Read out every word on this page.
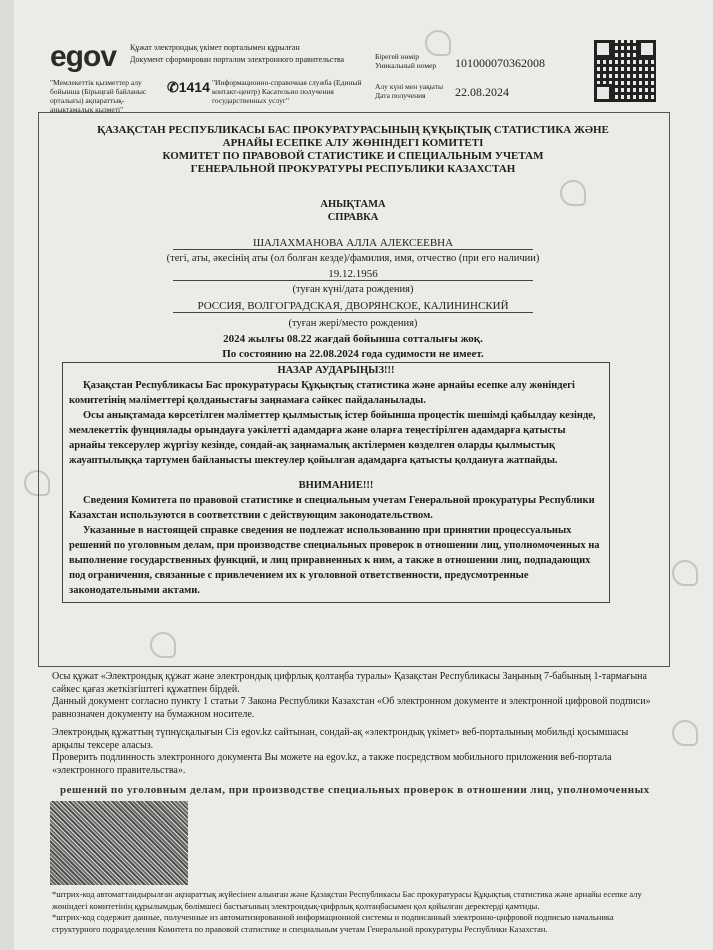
egov Құжат электрондық үкімет порталымен құрылған
Документ сформирован порталом электронного правительства
"Мемлекеттік қызметтер алу бойынша (Бірыңғай байланыс орталығы) ақпараттық-анықтамалық қызметі"
✆1414 "Информационно-справочная служба (Единый контакт-центр) Касательно получения государственных услуг"
Бірегей нөмір
Уникальный номер 101000070362008
Алу күні мен уақыты
Дата получения	22.08.2024
ҚАЗАҚСТАН РЕСПУБЛИКАСЫ БАС ПРОКУРАТУРАСЫНЫҢ ҚҰҚЫҚТЫҚ СТАТИСТИКА ЖӘНЕ
АРНАЙЫ ЕСЕПКЕ АЛУ ЖӨНІНДЕГІ КОМИТЕТІ
КОМИТЕТ ПО ПРАВОВОЙ СТАТИСТИКЕ И СПЕЦИАЛЬНЫМ УЧЕТАМ
ГЕНЕРАЛЬНОЙ ПРОКУРАТУРЫ РЕСПУБЛИКИ КАЗАХСТАН
АНЫҚТАМА
СПРАВКА
ШАЛАХМАНОВА АЛЛА АЛЕКСЕЕВНА
(тегі, аты, әкесінің аты (ол болған кезде)/фамилия, имя, отчество (при его наличии)
19.12.1956
(туған күні/дата рождения)
РОССИЯ, ВОЛГОГРАДСКАЯ, ДВОРЯНСКОЕ, КАЛИНИНСКИЙ
(туған жері/место рождения)
2024 жылғы 08.22 жағдай бойынша сотталығы жоқ.
По состоянию на 22.08.2024 года судимости не имеет.
НАЗАР АУДАРЫҢЫЗ!!!

Қазақстан Республикасы Бас прокуратурасы Құқықтық статистика және арнайы есепке алу жөніндегі комитетінің мәліметтері қолданыстағы заңнамаға сәйкес пайдаланылады.

Осы анықтамада көрсетілген мәліметтер қылмыстық істер бойынша процестік шешімді қабылдау кезінде, мемлекеттік фунциялады орындауға уәкілетті адамдарға және оларға теңестірілген адамдарға қатысты арнайы тексерулер жүргізу кезінде, сондай-ақ заңнамалық актілермен көзделген оларды қылмыстық жауаптылыққа тартумен байланысты шектеулер қойылған адамдарға қатысты қолдануға жатпайды.

ВНИМАНИЕ!!!

Сведения Комитета по правовой статистике и специальным учетам Генеральной прокуратуры Республики Казахстан используются в соответствии с действующим законодательством.

Указанные в настоящей справке сведения не подлежат использованию при принятии процессуальных решений по уголовным делам, при производстве специальных проверок в отношении лиц, уполномоченных на выполнение государственных функций, и лиц приравненных к ним, а также в отношении лиц, подпадающих под ограничения, связанные с привлечением их к уголовной ответственности, предусмотренные законодательными актами.

Осы құжат «Электрондық құжат және электрондық цифрлық қолтаңба туралы» Қазақстан Республикасы Заңының 7-бабының 1-тармағына сәйкес қағаз жеткізгіштегі құжатпен бірдей.

Данный документ согласно пункту 1 статьи 7 Закона Республики Казахстан «Об электронном документе и электронной цифровой подписи» равнозначен документу на бумажном носителе.

Электрондық құжаттың түпнұсқалығын Сіз egov.kz сайтынан, сондай-ақ «электрондық үкімет» веб-порталының мобильді қосымшасы арқылы тексере аласыз.

Проверить подлинность электронного документа Вы можете на egov.kz, а также посредством мобильного приложения веб-портала «электронного правительства».

решений по уголовным делам, при производстве специальных проверок в отношении лиц, уполномоченных

*штрих-код автоматтандырылған ақпараттық жүйесінен алынған және Қазақстан Республикасы Бас прокуратурасы Құқықтық статистика және арнайы есепке алу жөніндегі комитетінің құрылымдық бөлімшесі бастығының электрондық-цифрлық қолтаңбасымен қол қойылған деректерді қамтиды.

*штрих-код содержит данные, полученные из автоматизированной информационной системы и подписанный электронно-цифровой подписью начальника структурного подразделения Комитета по правовой статистике и специальным учетам Генеральной прокуратуры Республики Казахстан.
